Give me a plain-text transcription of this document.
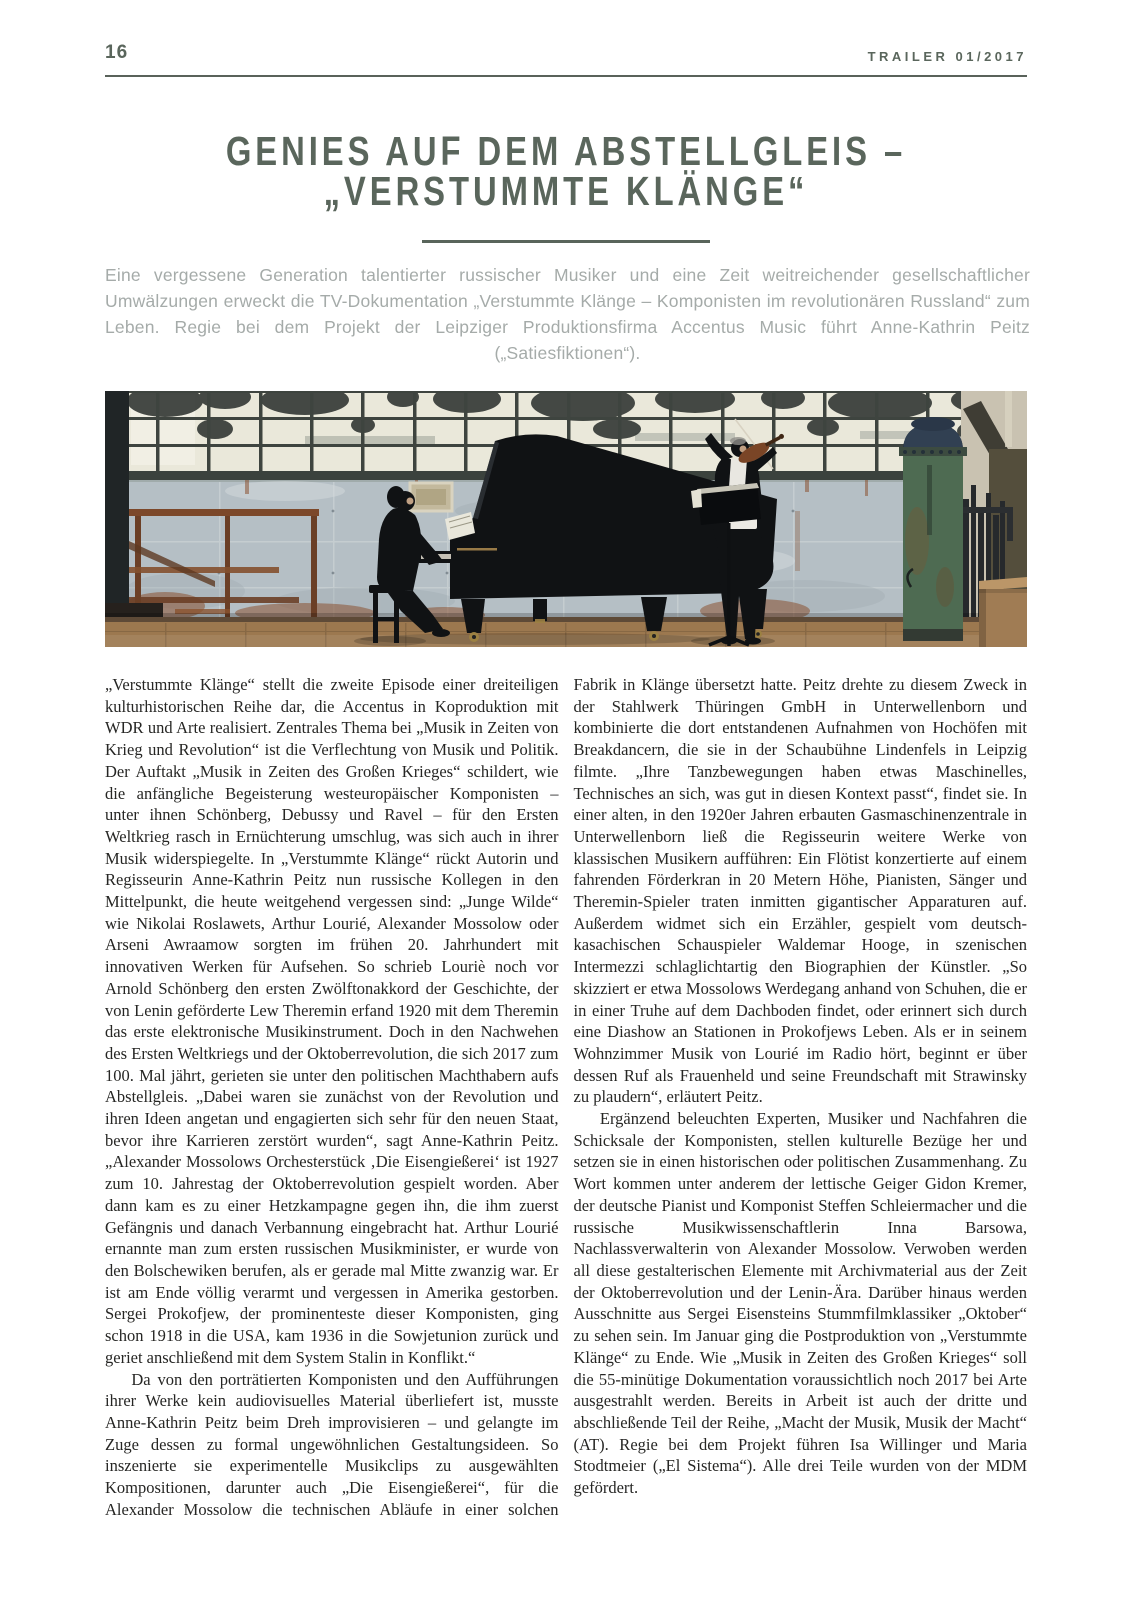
16	TRAILER 01/2017
GENIES AUF DEM ABSTELLGLEIS –
„VERSTUMMTE KLÄNGE“

Eine vergessene Generation talentierter russischer Musiker und eine Zeit weitreichender gesellschaftlicher Umwälzungen erweckt die TV-Dokumentation „Verstummte Klänge – Komponisten im revolutionären Russland“ zum Leben. Regie bei dem Projekt der Leipziger Produktionsfirma Accentus Music führt Anne-Kathrin Peitz („Satiesfiktionen“).

„Verstummte Klänge“ stellt die zweite Episode einer dreiteiligen kulturhistorischen Reihe dar, die Accentus in Koproduktion mit WDR und Arte realisiert. Zentrales Thema bei „Musik in Zeiten von Krieg und Revolution“ ist die Verflechtung von Musik und Politik. Der Auftakt „Musik in Zeiten des Großen Krieges“ schildert, wie die anfängliche Begeisterung westeuropäischer Komponisten – unter ihnen Schönberg, Debussy und Ravel – für den Ersten Weltkrieg rasch in Ernüchterung umschlug, was sich auch in ihrer Musik widerspiegelte. In „Verstummte Klänge“ rückt Autorin und Regisseurin Anne-Kathrin Peitz nun russische Kollegen in den Mittelpunkt, die heute weitgehend vergessen sind: „Junge Wilde“ wie Nikolai Roslawets, Arthur Lourié, Alexander Mossolow oder Arseni Awraamow sorgten im frühen 20. Jahrhundert mit innovativen Werken für Aufsehen. So schrieb Louriè noch vor Arnold Schönberg den ersten Zwölftonakkord der Geschichte, der von Lenin geförderte Lew Theremin erfand 1920 mit dem Theremin das erste elektronische Musikinstrument. Doch in den Nachwehen des Ersten Weltkriegs und der Oktoberrevolution, die sich 2017 zum 100. Mal jährt, gerieten sie unter den politischen Machthabern aufs Abstellgleis. „Dabei waren sie zunächst von der Revolution und ihren Ideen angetan und engagierten sich sehr für den neuen Staat, bevor ihre Karrieren zerstört wurden“, sagt Anne-Kathrin Peitz. „Alexander Mossolows Orchesterstück ‚Die Eisengießerei‘ ist 1927 zum 10. Jahrestag der Oktoberrevolution gespielt worden. Aber dann kam es zu einer Hetzkampagne gegen ihn, die ihm zuerst Gefängnis und danach Verbannung eingebracht hat. Arthur Lourié ernannte man zum ersten russischen Musikminister, er wurde von den Bolschewiken berufen, als er gerade mal Mitte zwanzig war. Er ist am Ende völlig verarmt und vergessen in Amerika gestorben. Sergei Prokofjew, der prominenteste dieser Komponisten, ging schon 1918 in die USA, kam 1936 in die Sowjetunion zurück und geriet anschließend mit dem System Stalin in Konflikt.“

Da von den porträtierten Komponisten und den Aufführungen ihrer Werke kein audiovisuelles Material überliefert ist, musste Anne-Kathrin Peitz beim Dreh improvisieren – und gelangte im Zuge dessen zu formal ungewöhnlichen Gestaltungsideen. So inszenierte sie experimentelle Musikclips zu ausgewählten Kompositionen, darunter auch „Die Eisengießerei“, für die Alexander Mossolow die technischen Abläufe in einer solchen Fabrik in Klänge übersetzt hatte. Peitz drehte zu diesem Zweck in der Stahlwerk Thüringen GmbH in Unterwellenborn und kombinierte die dort entstandenen Aufnahmen von Hochöfen mit Breakdancern, die sie in der Schaubühne Lindenfels in Leipzig filmte. „Ihre Tanzbewegungen haben etwas Maschinelles, Technisches an sich, was gut in diesen Kontext passt“, findet sie. In einer alten, in den 1920er Jahren erbauten Gasmaschinenzentrale in Unterwellenborn ließ die Regisseurin weitere Werke von klassischen Musikern aufführen: Ein Flötist konzertierte auf einem fahrenden Förderkran in 20 Metern Höhe, Pianisten, Sänger und Theremin-Spieler traten inmitten gigantischer Apparaturen auf. Außerdem widmet sich ein Erzähler, gespielt vom deutsch-kasachischen Schauspieler Waldemar Hooge, in szenischen Intermezzi schlaglichtartig den Biographien der Künstler. „So skizziert er etwa Mossolows Werdegang anhand von Schuhen, die er in einer Truhe auf dem Dachboden findet, oder erinnert sich durch eine Diashow an Stationen in Prokofjews Leben. Als er in seinem Wohnzimmer Musik von Lourié im Radio hört, beginnt er über dessen Ruf als Frauenheld und seine Freundschaft mit Strawinsky zu plaudern“, erläutert Peitz.

Ergänzend beleuchten Experten, Musiker und Nachfahren die Schicksale der Komponisten, stellen kulturelle Bezüge her und setzen sie in einen historischen oder politischen Zusammenhang. Zu Wort kommen unter anderem der lettische Geiger Gidon Kremer, der deutsche Pianist und Komponist Steffen Schleiermacher und die russische Musikwissenschaftlerin Inna Barsowa, Nachlassverwalterin von Alexander Mossolow. Verwoben werden all diese gestalterischen Elemente mit Archivmaterial aus der Zeit der Oktoberrevolution und der Lenin-Ära. Darüber hinaus werden Ausschnitte aus Sergei Eisensteins Stummfilmklassiker „Oktober“ zu sehen sein. Im Januar ging die Postproduktion von „Verstummte Klänge“ zu Ende. Wie „Musik in Zeiten des Großen Krieges“ soll die 55-minütige Dokumentation voraussichtlich noch 2017 bei Arte ausgestrahlt werden. Bereits in Arbeit ist auch der dritte und abschließende Teil der Reihe, „Macht der Musik, Musik der Macht“ (AT). Regie bei dem Projekt führen Isa Willinger und Maria Stodtmeier („El Sistema“). Alle drei Teile wurden von der MDM gefördert.
